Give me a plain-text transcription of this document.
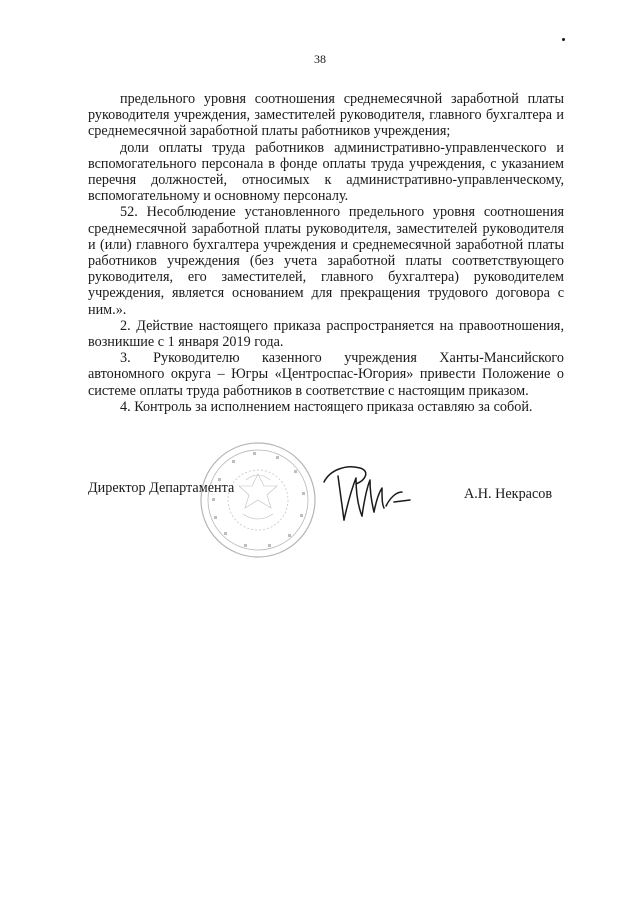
38

предельного уровня соотношения среднемесячной заработной платы руководителя учреждения, заместителей руководителя, главного бухгалтера и среднемесячной заработной платы работников учреждения;

доли оплаты труда работников административно-управленческого и вспомогательного персонала в фонде оплаты труда учреждения, с указанием перечня должностей, относимых к административно-управленческому, вспомогательному и основному персоналу.

52. Несоблюдение установленного предельного уровня соотношения среднемесячной заработной платы руководителя, заместителей руководителя и (или) главного бухгалтера учреждения и среднемесячной заработной платы работников учреждения (без учета заработной платы соответствующего руководителя, его заместителей, главного бухгалтера) руководителем учреждения, является основанием для прекращения трудового договора с ним.».

2. Действие настоящего приказа распространяется на правоотношения, возникшие с 1 января 2019 года.

3. Руководителю казенного учреждения Ханты-Мансийского автономного округа – Югры «Центроспас-Югория» привести Положение о системе оплаты труда работников в соответствие с настоящим приказом.

4. Контроль за исполнением настоящего приказа оставляю за собой.

Директор Департамента	А.Н. Некрасов
